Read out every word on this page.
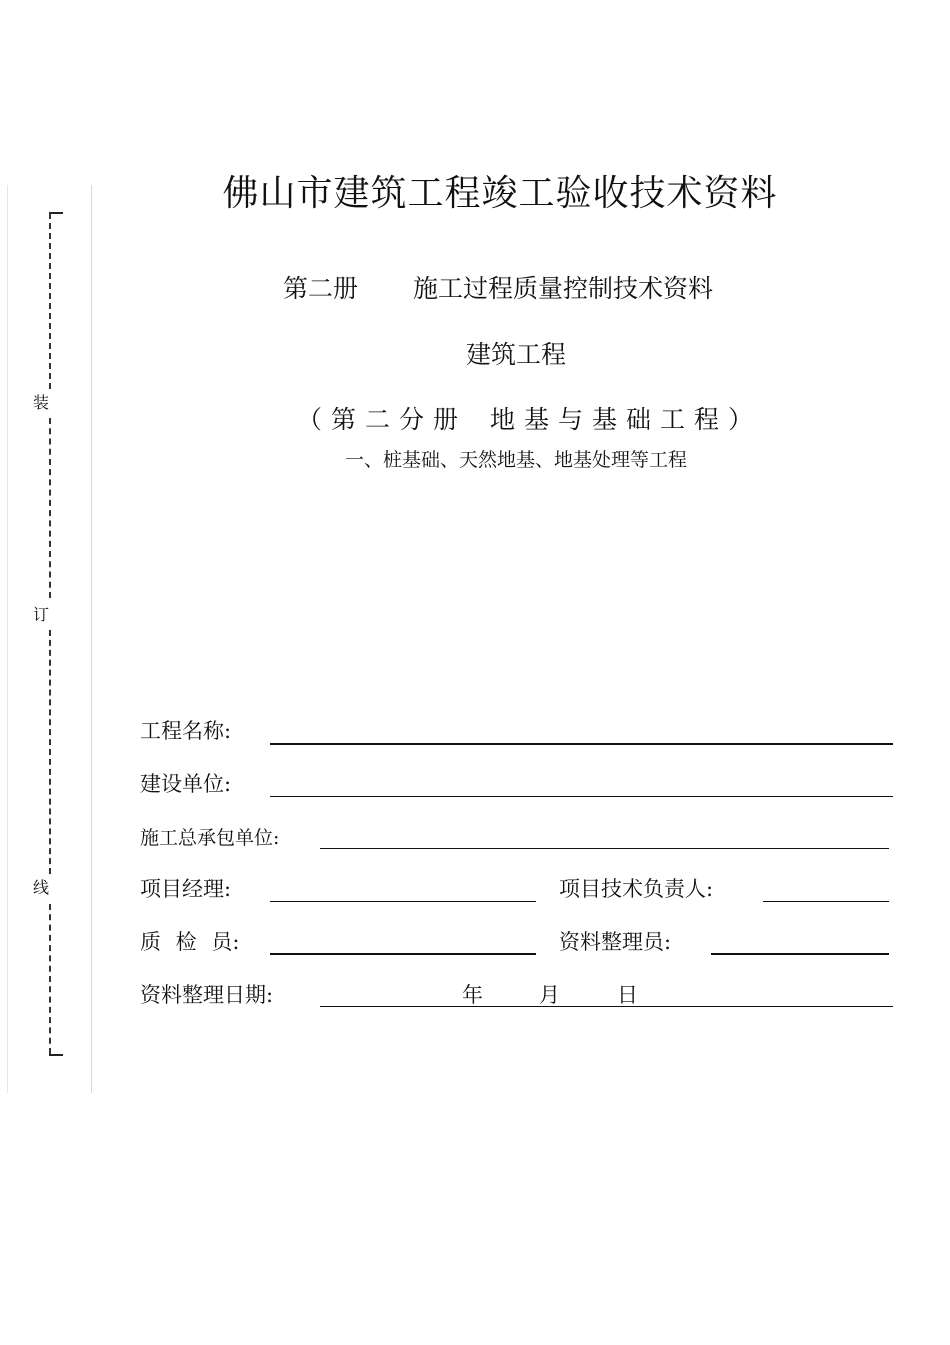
装
订
线
佛山市建筑工程竣工验收技术资料
第二册 施工过程质量控制技术资料
建筑工程
（第二分册 地基与基础工程）
一、桩基础、天然地基、地基处理等工程
工程名称:
建设单位:
施工总承包单位:
项目经理:	项目技术负责人:
质 检 员:	资料整理员:
资料整理日期:	年	月	日
